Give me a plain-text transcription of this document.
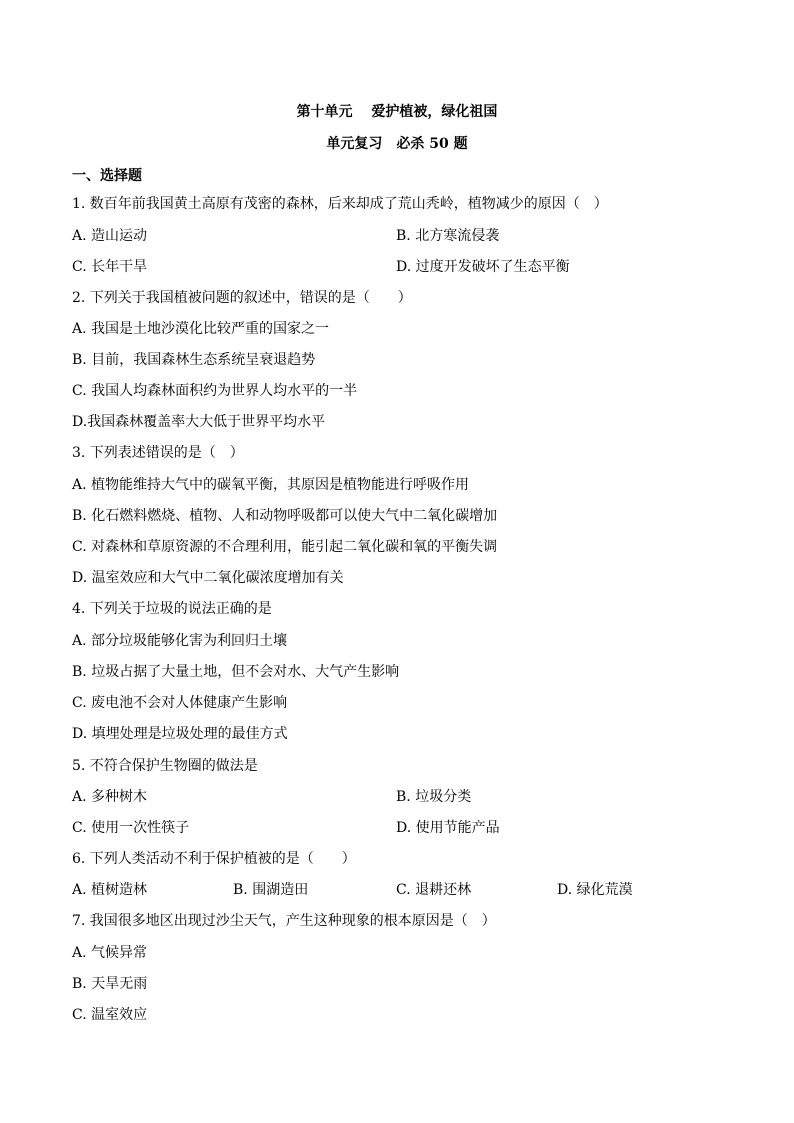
第十单元　 爱护植被，绿化祖国
单元复习　必杀 50 题
一、选择题
1. 数百年前我国黄土高原有茂密的森林，后来却成了荒山秃岭，植物减少的原因（　）
A. 造山运动	B. 北方寒流侵袭
C. 长年干旱	D. 过度开发破坏了生态平衡
2. 下列关于我国植被问题的叙述中，错误的是（　　）
A. 我国是土地沙漠化比较严重的国家之一
B. 目前，我国森林生态系统呈衰退趋势
C. 我国人均森林面积约为世界人均水平的一半
D.我国森林覆盖率大大低于世界平均水平
3. 下列表述错误的是（　）
A. 植物能维持大气中的碳氧平衡，其原因是植物能进行呼吸作用
B. 化石燃料燃烧、植物、人和动物呼吸都可以使大气中二氧化碳增加
C. 对森林和草原资源的不合理利用，能引起二氧化碳和氧的平衡失调
D. 温室效应和大气中二氧化碳浓度增加有关
4. 下列关于垃圾的说法正确的是
A. 部分垃圾能够化害为利回归土壤
B. 垃圾占据了大量土地，但不会对水、大气产生影响
C. 废电池不会对人体健康产生影响
D. 填埋处理是垃圾处理的最佳方式
5. 不符合保护生物圈的做法是
A. 多种树木	B. 垃圾分类
C. 使用一次性筷子	D. 使用节能产品
6. 下列人类活动不利于保护植被的是（　　）
A. 植树造林	B. 围湖造田	C. 退耕还林	D. 绿化荒漠
7. 我国很多地区出现过沙尘天气，产生这种现象的根本原因是（　）
A. 气候异常
B. 天旱无雨
C. 温室效应
